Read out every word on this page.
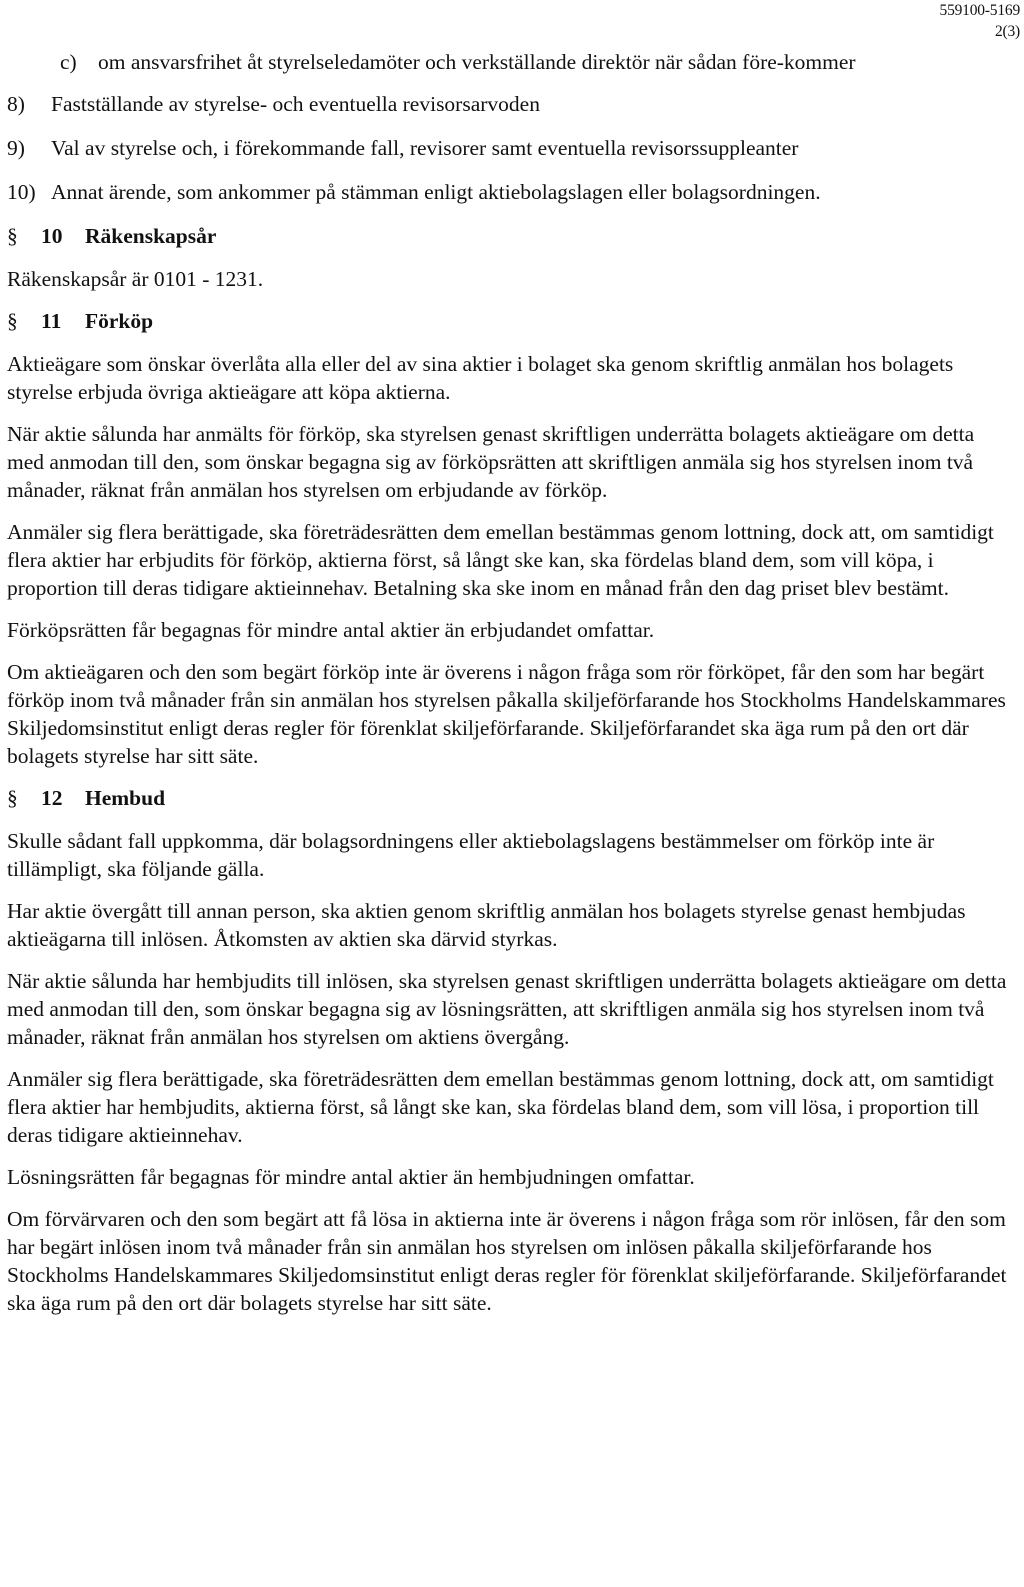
559100-5169
2(3)
c) om ansvarsfrihet åt styrelseledamöter och verkställande direktör när sådan före-kommer
8)	Fastställande av styrelse- och eventuella revisorsarvoden
9)	Val av styrelse och, i förekommande fall, revisorer samt eventuella revisorssuppleanter
10) Annat ärende, som ankommer på stämman enligt aktiebolagslagen eller bolagsordningen.
§	10	Räkenskapsår

Räkenskapsår är 0101 - 1231.

§	11	Förköp

Aktieägare som önskar överlåta alla eller del av sina aktier i bolaget ska genom skriftlig anmälan hos bolagets styrelse erbjuda övriga aktieägare att köpa aktierna.

När aktie sålunda har anmälts för förköp, ska styrelsen genast skriftligen underrätta bolagets aktieägare om detta med anmodan till den, som önskar begagna sig av förköpsrätten att skriftligen anmäla sig hos styrelsen inom två månader, räknat från anmälan hos styrelsen om erbjudande av förköp.

Anmäler sig flera berättigade, ska företrädesrätten dem emellan bestämmas genom lottning, dock att, om samtidigt flera aktier har erbjudits för förköp, aktierna först, så långt ske kan, ska fördelas bland dem, som vill köpa, i proportion till deras tidigare aktieinnehav. Betalning ska ske inom en månad från den dag priset blev bestämt.

Förköpsrätten får begagnas för mindre antal aktier än erbjudandet omfattar.

Om aktieägaren och den som begärt förköp inte är överens i någon fråga som rör förköpet, får den som har begärt förköp inom två månader från sin anmälan hos styrelsen påkalla skiljeförfarande hos Stockholms Handelskammares Skiljedomsinstitut enligt deras regler för förenklat skiljeförfarande. Skiljeförfarandet ska äga rum på den ort där bolagets styrelse har sitt säte.

§	12	Hembud

Skulle sådant fall uppkomma, där bolagsordningens eller aktiebolagslagens bestämmelser om förköp inte är tillämpligt, ska följande gälla.

Har aktie övergått till annan person, ska aktien genom skriftlig anmälan hos bolagets styrelse genast hembjudas aktieägarna till inlösen. Åtkomsten av aktien ska därvid styrkas.

När aktie sålunda har hembjudits till inlösen, ska styrelsen genast skriftligen underrätta bolagets aktieägare om detta med anmodan till den, som önskar begagna sig av lösningsrätten, att skriftligen anmäla sig hos styrelsen inom två månader, räknat från anmälan hos styrelsen om aktiens övergång.

Anmäler sig flera berättigade, ska företrädesrätten dem emellan bestämmas genom lottning, dock att, om samtidigt flera aktier har hembjudits, aktierna först, så långt ske kan, ska fördelas bland dem, som vill lösa, i proportion till deras tidigare aktieinnehav.

Lösningsrätten får begagnas för mindre antal aktier än hembjudningen omfattar.

Om förvärvaren och den som begärt att få lösa in aktierna inte är överens i någon fråga som rör inlösen, får den som har begärt inlösen inom två månader från sin anmälan hos styrelsen om inlösen påkalla skiljeförfarande hos Stockholms Handelskammares Skiljedomsinstitut enligt deras regler för förenklat skiljeförfarande. Skiljeförfarandet ska äga rum på den ort där bolagets styrelse har sitt säte.
